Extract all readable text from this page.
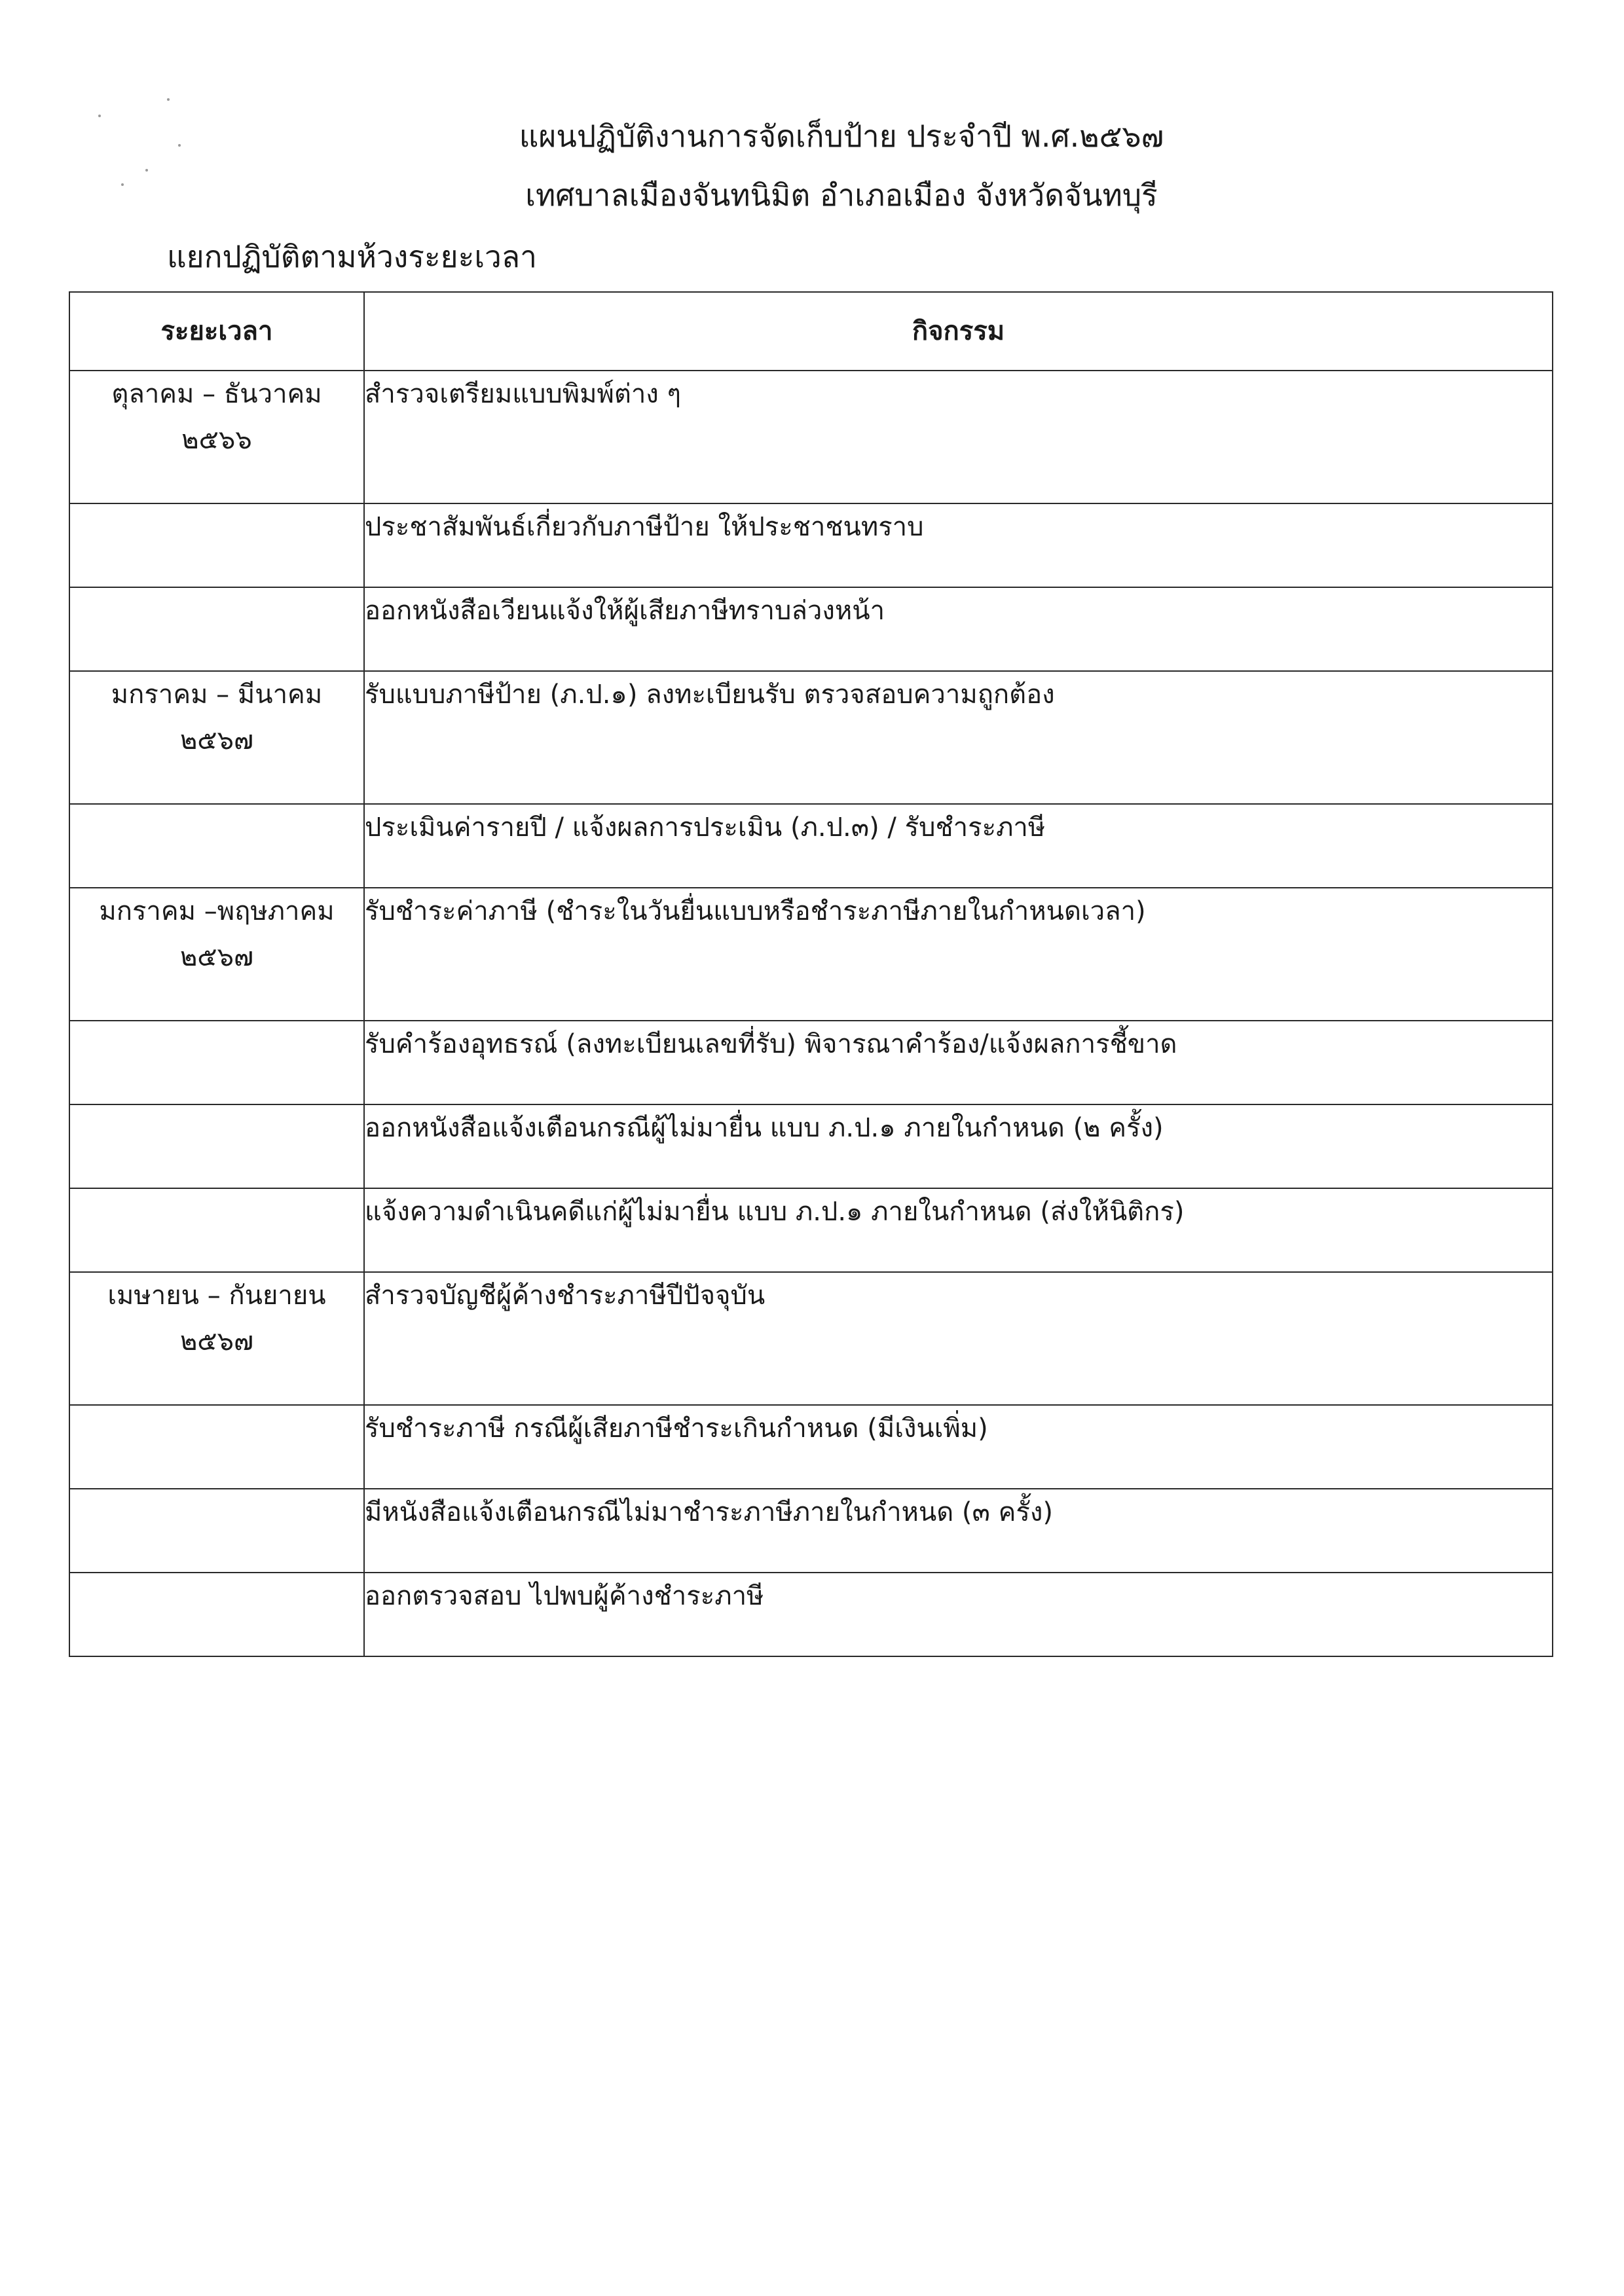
แผนปฏิบัติงานการจัดเก็บป้าย ประจำปี พ.ศ.๒๕๖๗
เทศบาลเมืองจันทนิมิต อำเภอเมือง จังหวัดจันทบุรี
แยกปฏิบัติตามห้วงระยะเวลา
ระยะเวลา	กิจกรรม

ตุลาคม – ธันวาคม
๒๕๖๖	สำรวจเตรียมแบบพิมพ์ต่าง ๆ

	ประชาสัมพันธ์เกี่ยวกับภาษีป้าย ให้ประชาชนทราบ

	ออกหนังสือเวียนแจ้งให้ผู้เสียภาษีทราบล่วงหน้า

มกราคม – มีนาคม
๒๕๖๗	รับแบบภาษีป้าย (ภ.ป.๑) ลงทะเบียนรับ ตรวจสอบความถูกต้อง

	ประเมินค่ารายปี / แจ้งผลการประเมิน (ภ.ป.๓) / รับชำระภาษี

มกราคม –พฤษภาคม
๒๕๖๗	รับชำระค่าภาษี (ชำระในวันยื่นแบบหรือชำระภาษีภายในกำหนดเวลา)

	รับคำร้องอุทธรณ์ (ลงทะเบียนเลขที่รับ) พิจารณาคำร้อง/แจ้งผลการชี้ขาด

	ออกหนังสือแจ้งเตือนกรณีผู้ไม่มายื่น แบบ ภ.ป.๑ ภายในกำหนด (๒ ครั้ง)

	แจ้งความดำเนินคดีแก่ผู้ไม่มายื่น แบบ ภ.ป.๑ ภายในกำหนด (ส่งให้นิติกร)

เมษายน – กันยายน
๒๕๖๗	สำรวจบัญชีผู้ค้างชำระภาษีปีปัจจุบัน

	รับชำระภาษี กรณีผู้เสียภาษีชำระเกินกำหนด (มีเงินเพิ่ม)

	มีหนังสือแจ้งเตือนกรณีไม่มาชำระภาษีภายในกำหนด (๓ ครั้ง)

	ออกตรวจสอบ ไปพบผู้ค้างชำระภาษี
